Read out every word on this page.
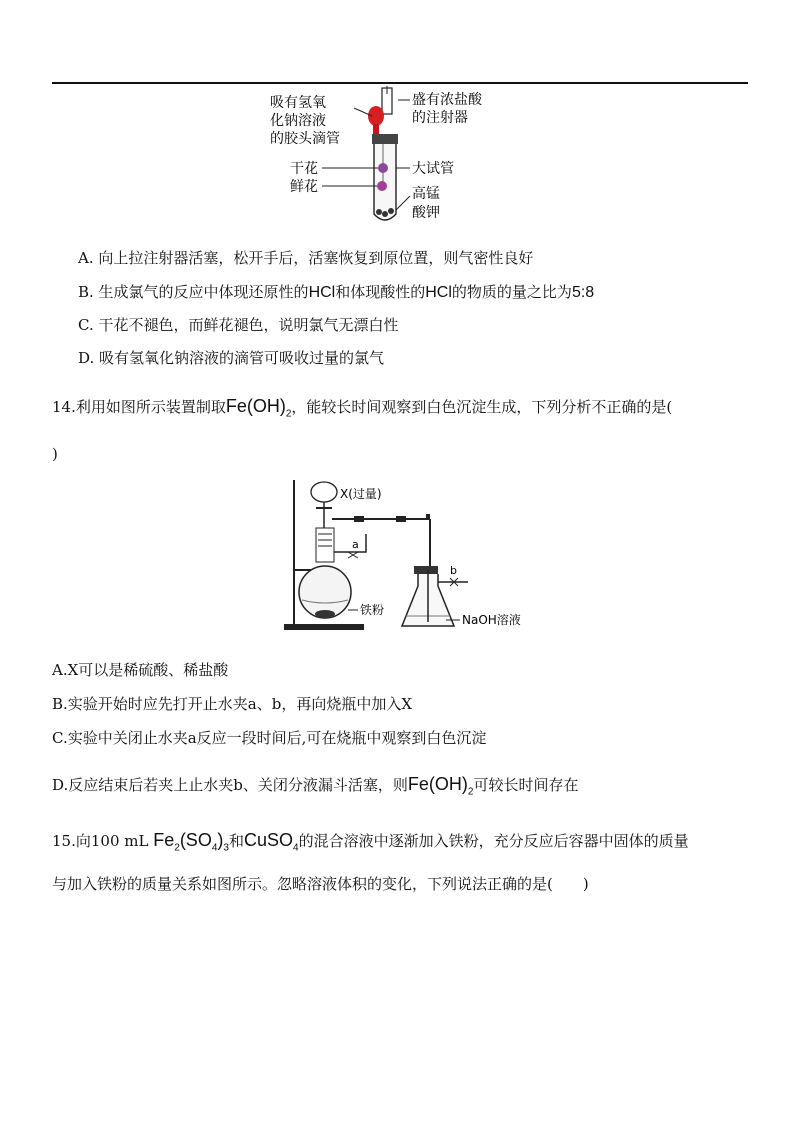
吸有氢氧
化钠溶液
的胶头滴管
盛有浓盐酸
的注射器
干花
鲜花
大试管
高锰
酸钾
A. 向上拉注射器活塞，松开手后，活塞恢复到原位置，则气密性良好
B. 生成氯气的反应中体现还原性的HCl和体现酸性的HCl的物质的量之比为5:8
C. 干花不褪色，而鲜花褪色，说明氯气无漂白性
D. 吸有氢氧化钠溶液的滴管可吸收过量的氯气
14.利用如图所示装置制取$Fe(OH)_2$，能较长时间观察到白色沉淀生成，下列分析不正确的是(
)
a
b
X(过量)
铁粉
NaOH溶液
A.X可以是稀硫酸、稀盐酸
B.实验开始时应先打开止水夹a、b，再向烧瓶中加入X
C.实验中关闭止水夹a反应一段时间后,可在烧瓶中观察到白色沉淀
D.反应结束后若夹上止水夹b、关闭分液漏斗活塞，则$Fe(OH)_2$可较长时间存在
15.向100 mL $Fe_2(SO_4)_3$和CuSO$_4$的混合溶液中逐渐加入铁粉，充分反应后容器中固体的质量
与加入铁粉的质量关系如图所示。忽略溶液体积的变化，下列说法正确的是(　　)
